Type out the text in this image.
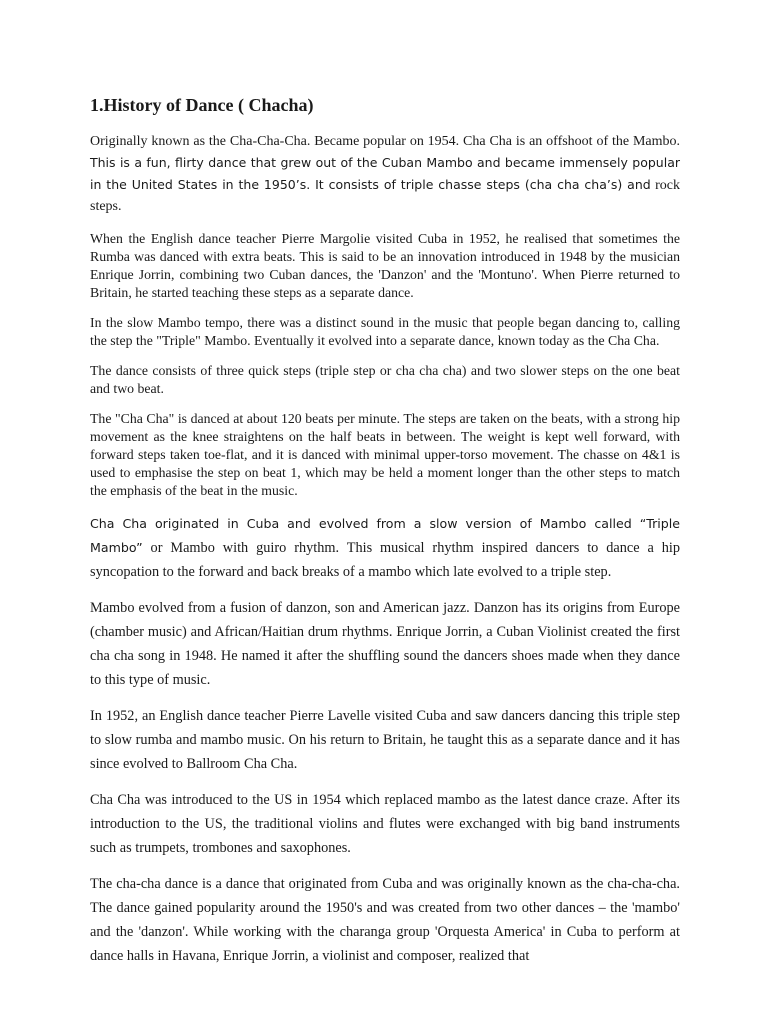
1.History of Dance ( Chacha)

Originally known as the Cha-Cha-Cha. Became popular on 1954. Cha Cha is an offshoot of the Mambo. This is a fun, flirty dance that grew out of the Cuban Mambo and became immensely popular in the United States in the 1950’s. It consists of triple chasse steps (cha cha cha’s) and rock steps.

When the English dance teacher Pierre Margolie visited Cuba in 1952, he realised that sometimes the Rumba was danced with extra beats. This is said to be an innovation introduced in 1948 by the musician Enrique Jorrin, combining two Cuban dances, the 'Danzon' and the 'Montuno'. When Pierre returned to Britain, he started teaching these steps as a separate dance.

In the slow Mambo tempo, there was a distinct sound in the music that people began dancing to, calling the step the "Triple" Mambo. Eventually it evolved into a separate dance, known today as the Cha Cha.

The dance consists of three quick steps (triple step or cha cha cha) and two slower steps on the one beat and two beat.

The "Cha Cha" is danced at about 120 beats per minute. The steps are taken on the beats, with a strong hip movement as the knee straightens on the half beats in between. The weight is kept well forward, with forward steps taken toe-flat, and it is danced with minimal upper-torso movement. The chasse on 4&1 is used to emphasise the step on beat 1, which may be held a moment longer than the other steps to match the emphasis of the beat in the music.

Cha Cha originated in Cuba and evolved from a slow version of Mambo called “Triple Mambo” or Mambo with guiro rhythm. This musical rhythm inspired dancers to dance a hip syncopation to the forward and back breaks of a mambo which late evolved to a triple step.

Mambo evolved from a fusion of danzon, son and American jazz. Danzon has its origins from Europe (chamber music) and African/Haitian drum rhythms. Enrique Jorrin, a Cuban Violinist created the first cha cha song in 1948. He named it after the shuffling sound the dancers shoes made when they dance to this type of music.

In 1952, an English dance teacher Pierre Lavelle visited Cuba and saw dancers dancing this triple step to slow rumba and mambo music. On his return to Britain, he taught this as a separate dance and it has since evolved to Ballroom Cha Cha.

Cha Cha was introduced to the US in 1954 which replaced mambo as the latest dance craze. After its introduction to the US, the traditional violins and flutes were exchanged with big band instruments such as trumpets, trombones and saxophones.

The cha-cha dance is a dance that originated from Cuba and was originally known as the cha-cha-cha. The dance gained popularity around the 1950's and was created from two other dances – the 'mambo' and the 'danzon'. While working with the charanga group 'Orquesta America' in Cuba to perform at dance halls in Havana, Enrique Jorrin, a violinist and composer, realized that
